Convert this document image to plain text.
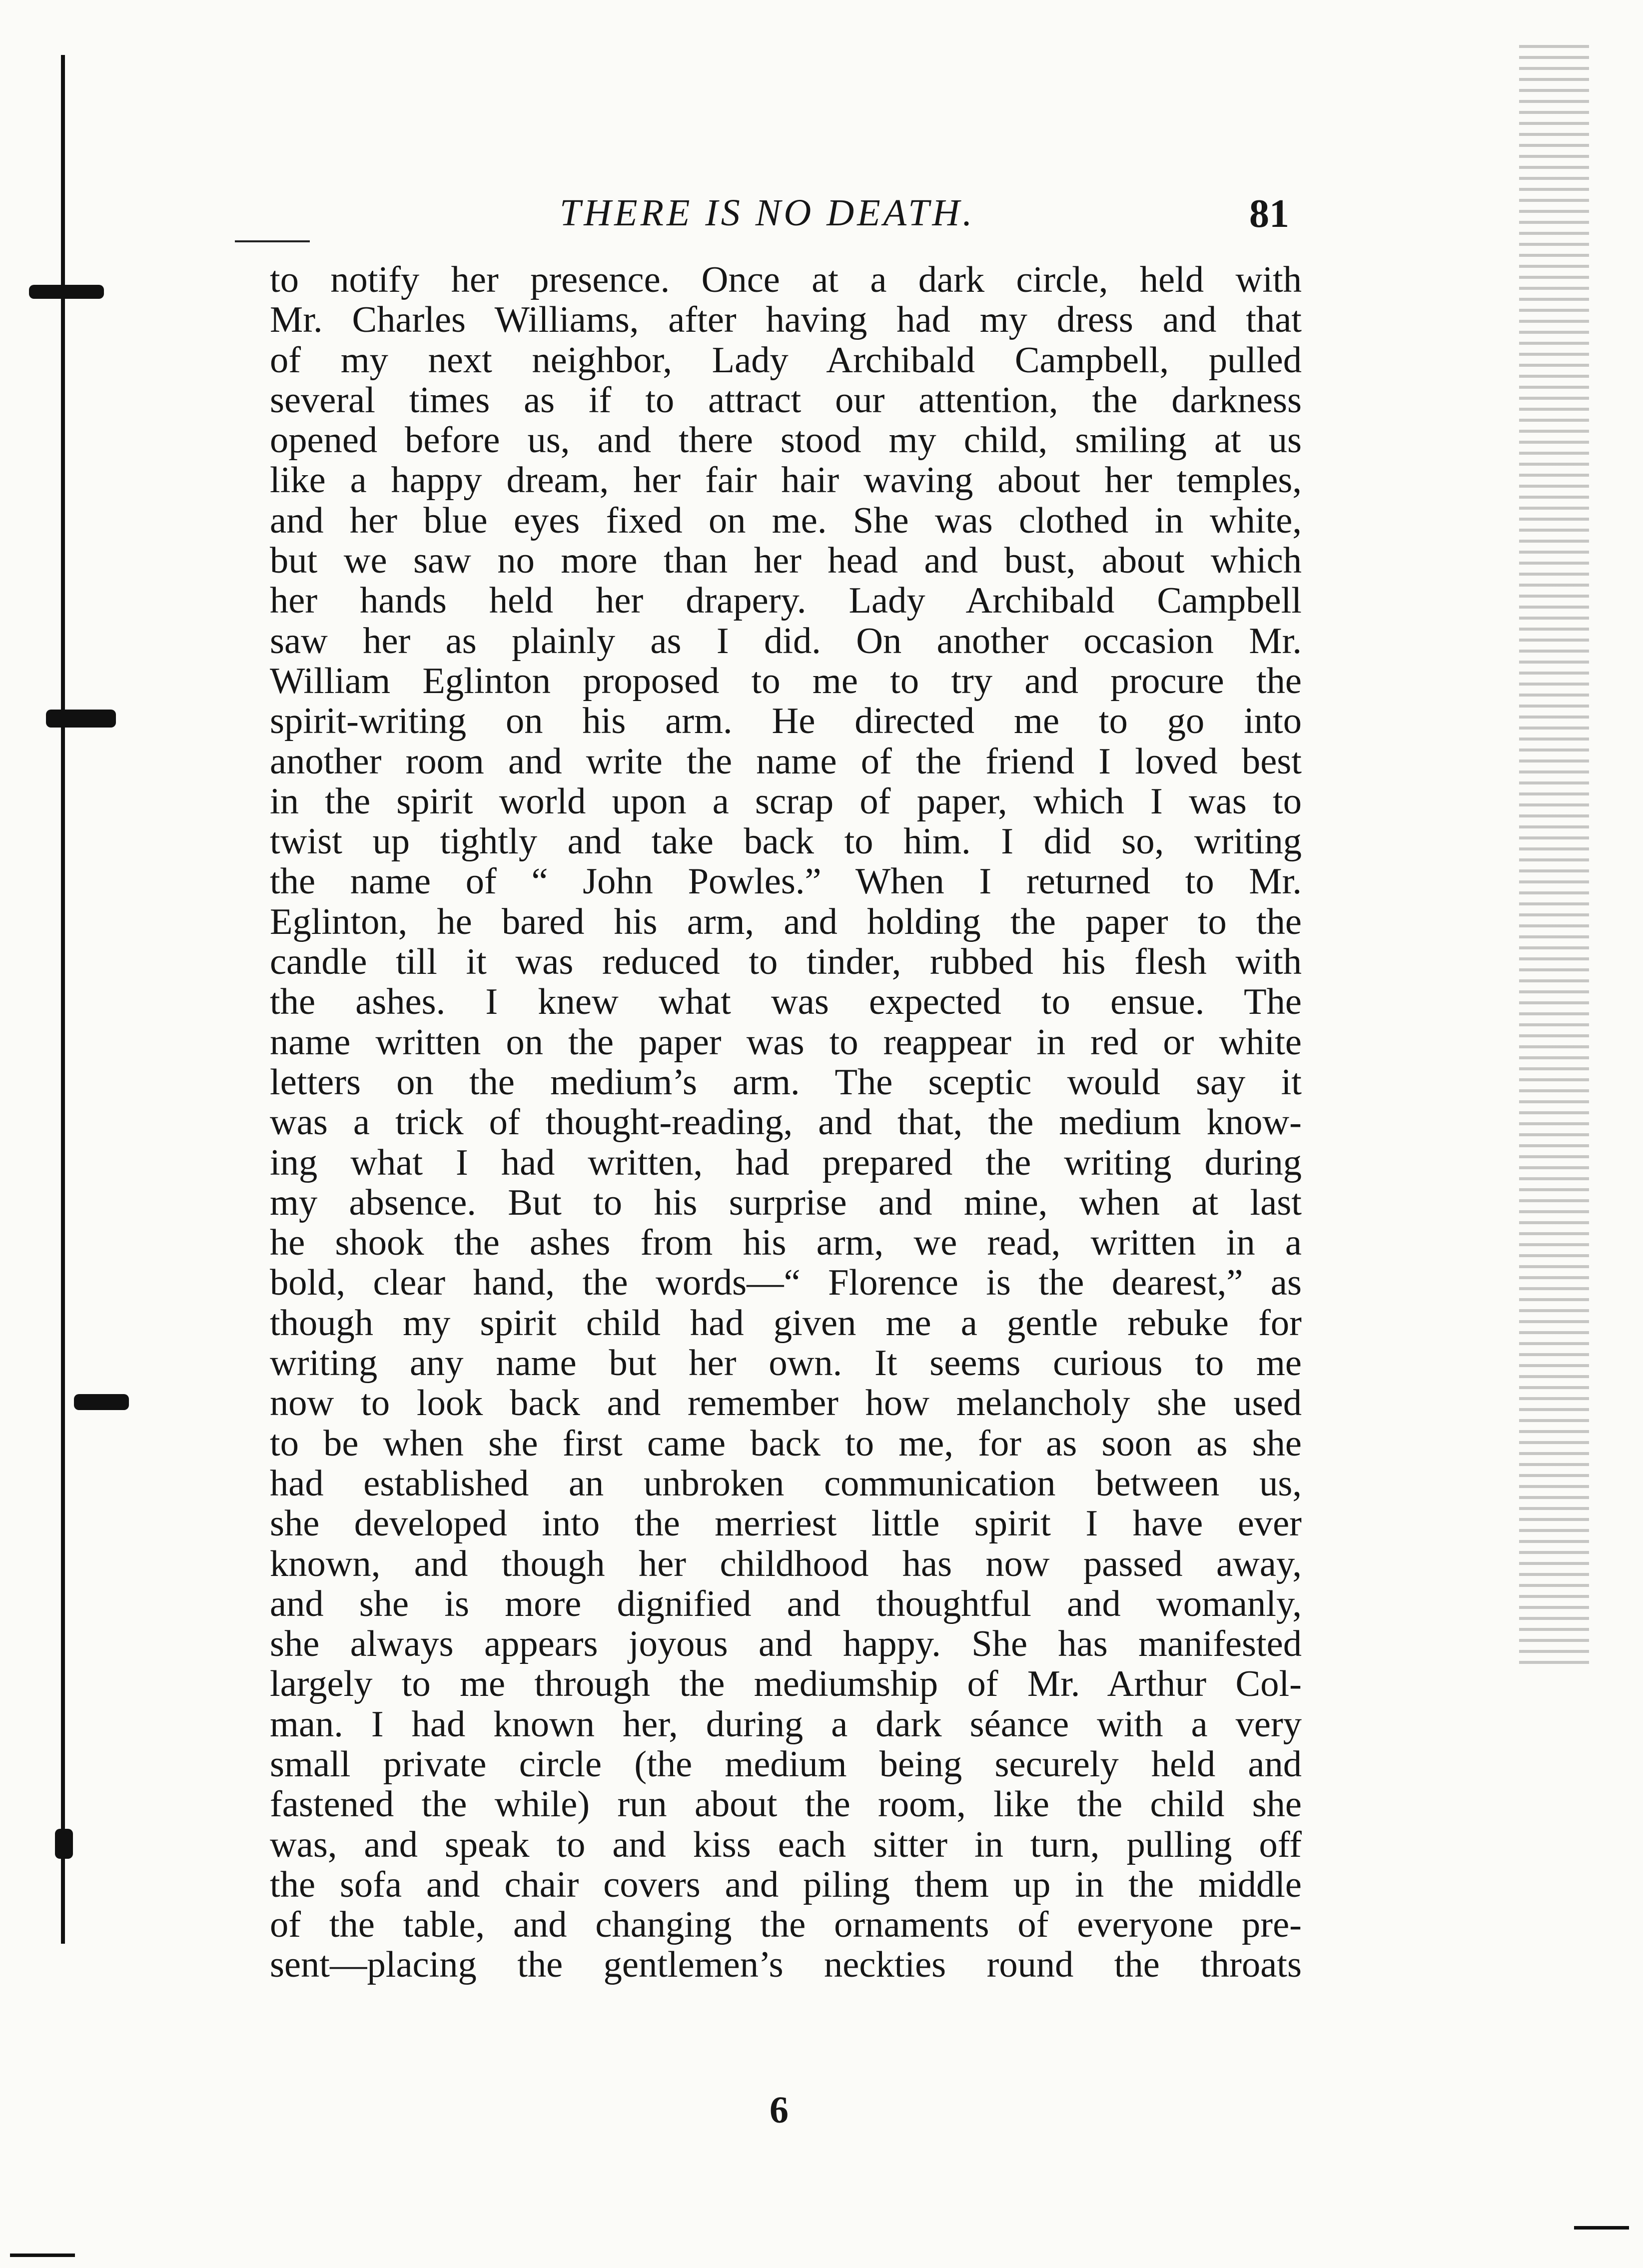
THERE IS NO DEATH.	81
to notify her presence. Once at a dark circle, held with
Mr. Charles Williams, after having had my dress and that
of my next neighbor, Lady Archibald Campbell, pulled
several times as if to attract our attention, the darkness
opened before us, and there stood my child, smiling at us
like a happy dream, her fair hair waving about her temples,
and her blue eyes fixed on me. She was clothed in white,
but we saw no more than her head and bust, about which
her hands held her drapery. Lady Archibald Campbell
saw her as plainly as I did. On another occasion Mr.
William Eglinton proposed to me to try and procure the
spirit-writing on his arm. He directed me to go into
another room and write the name of the friend I loved best
in the spirit world upon a scrap of paper, which I was to
twist up tightly and take back to him. I did so, writing
the name of “ John Powles.” When I returned to Mr.
Eglinton, he bared his arm, and holding the paper to the
candle till it was reduced to tinder, rubbed his flesh with
the ashes. I knew what was expected to ensue. The
name written on the paper was to reappear in red or white
letters on the medium’s arm. The sceptic would say it
was a trick of thought-reading, and that, the medium know-
ing what I had written, had prepared the writing during
my absence. But to his surprise and mine, when at last
he shook the ashes from his arm, we read, written in a
bold, clear hand, the words—“ Florence is the dearest,” as
though my spirit child had given me a gentle rebuke for
writing any name but her own. It seems curious to me
now to look back and remember how melancholy she used
to be when she first came back to me, for as soon as she
had established an unbroken communication between us,
she developed into the merriest little spirit I have ever
known, and though her childhood has now passed away,
and she is more dignified and thoughtful and womanly,
she always appears joyous and happy. She has manifested
largely to me through the mediumship of Mr. Arthur Col-
man. I had known her, during a dark séance with a very
small private circle (the medium being securely held and
fastened the while) run about the room, like the child she
was, and speak to and kiss each sitter in turn, pulling off
the sofa and chair covers and piling them up in the middle
of the table, and changing the ornaments of everyone pre-
sent—placing the gentlemen’s neckties round the throats
6
